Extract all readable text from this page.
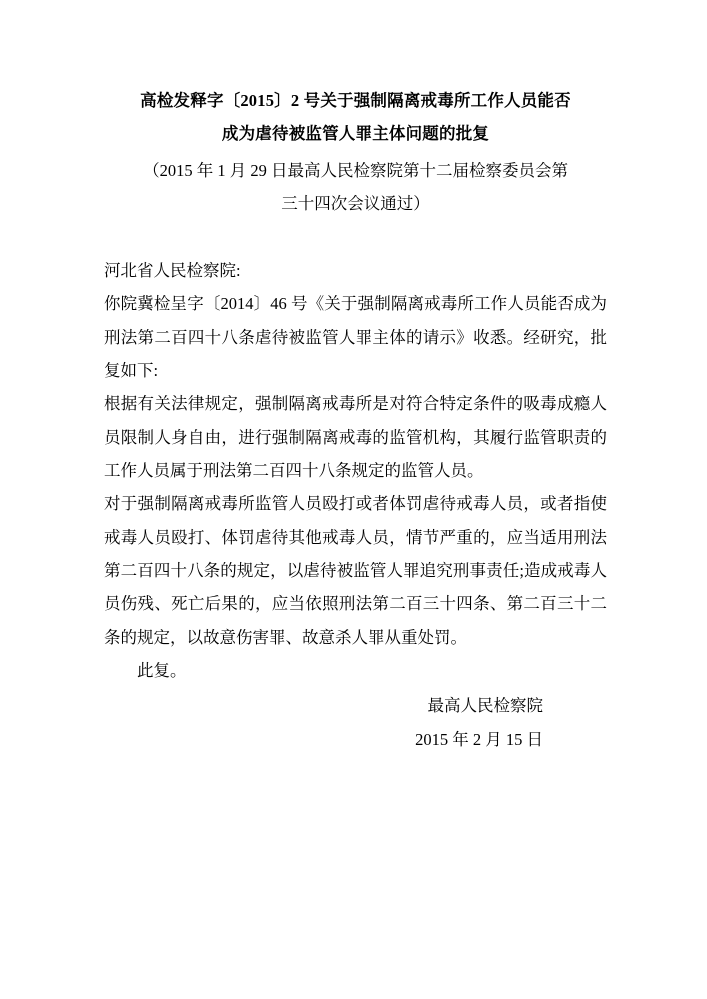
高检发释字〔2015〕2 号关于强制隔离戒毒所工作人员能否
成为虐待被监管人罪主体问题的批复
（2015 年 1 月 29 日最高人民检察院第十二届检察委员会第
三十四次会议通过）

河北省人民检察院:

你院冀检呈字〔2014〕46 号《关于强制隔离戒毒所工作人员能否成为刑法第二百四十八条虐待被监管人罪主体的请示》收悉。经研究，批复如下:

根据有关法律规定，强制隔离戒毒所是对符合特定条件的吸毒成瘾人员限制人身自由，进行强制隔离戒毒的监管机构，其履行监管职责的工作人员属于刑法第二百四十八条规定的监管人员。

对于强制隔离戒毒所监管人员殴打或者体罚虐待戒毒人员，或者指使戒毒人员殴打、体罚虐待其他戒毒人员，情节严重的，应当适用刑法第二百四十八条的规定，以虐待被监管人罪追究刑事责任;造成戒毒人员伤残、死亡后果的，应当依照刑法第二百三十四条、第二百三十二条的规定，以故意伤害罪、故意杀人罪从重处罚。

此复。

最高人民检察院
2015 年 2 月 15 日
